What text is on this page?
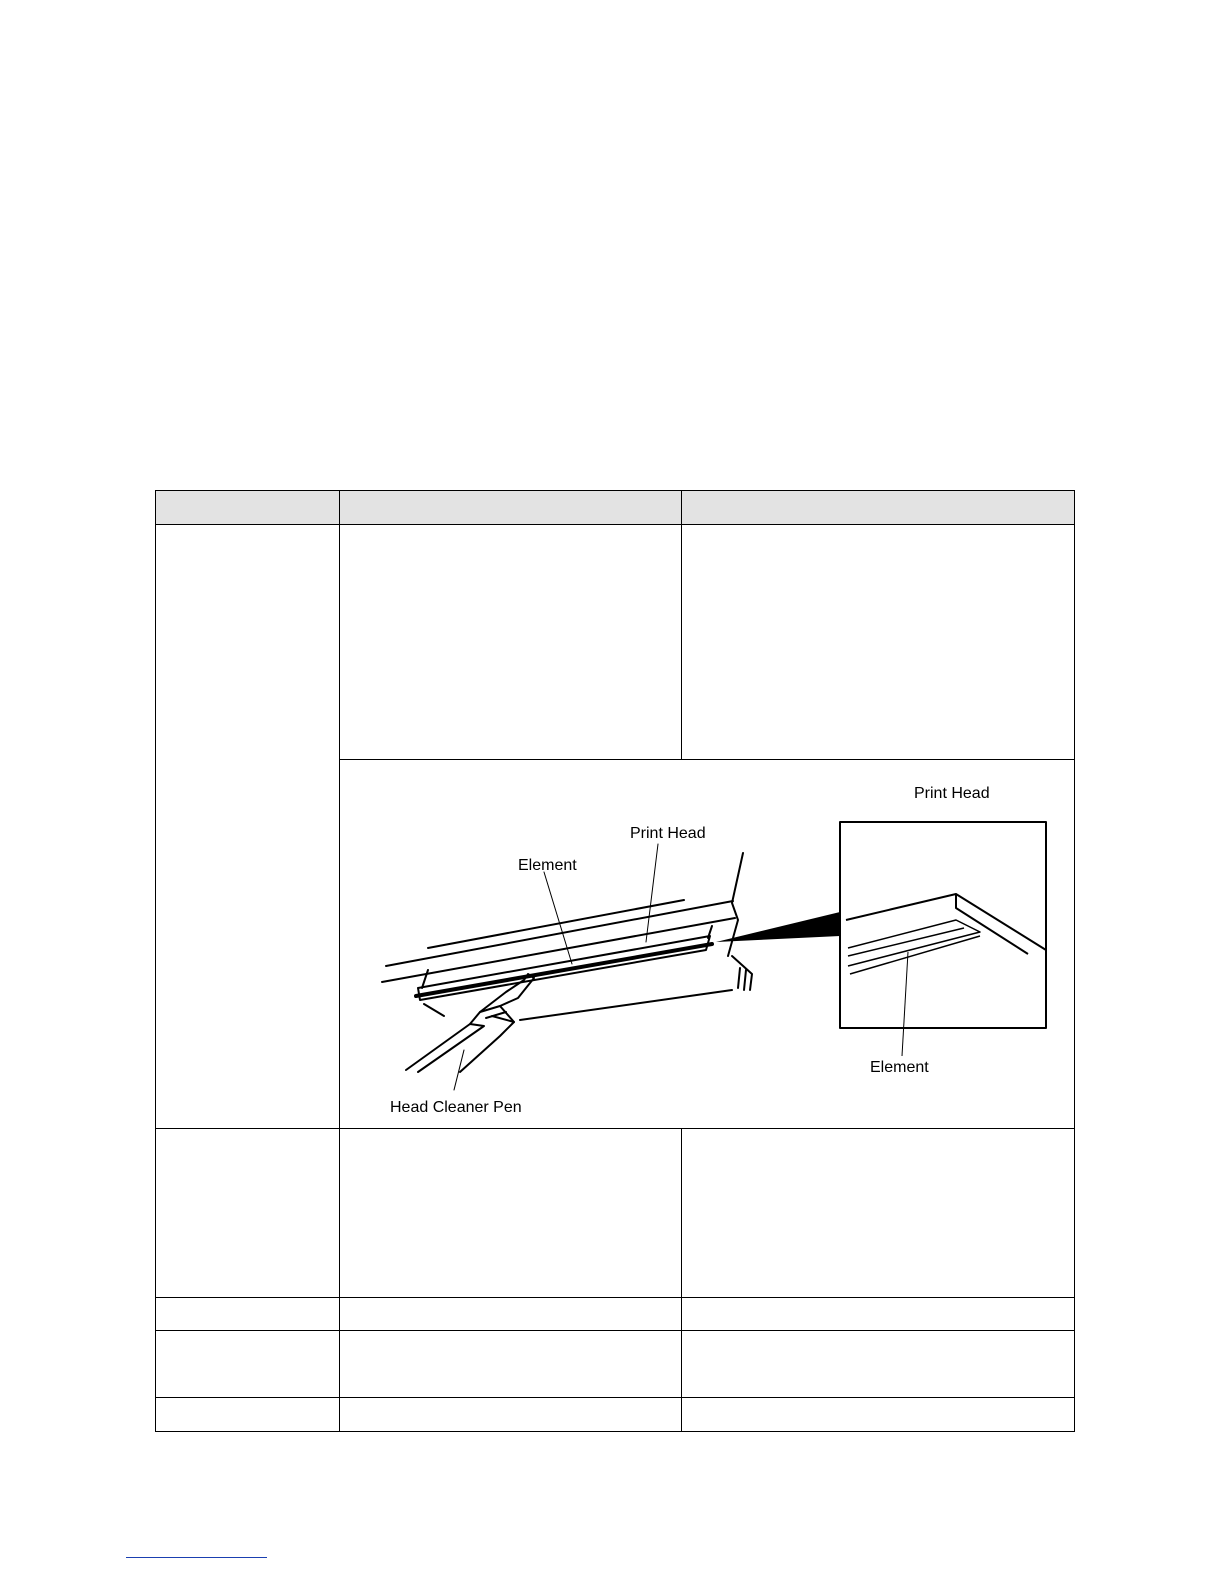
Print Head
Print Head
Element
Element
Head Cleaner Pen	
